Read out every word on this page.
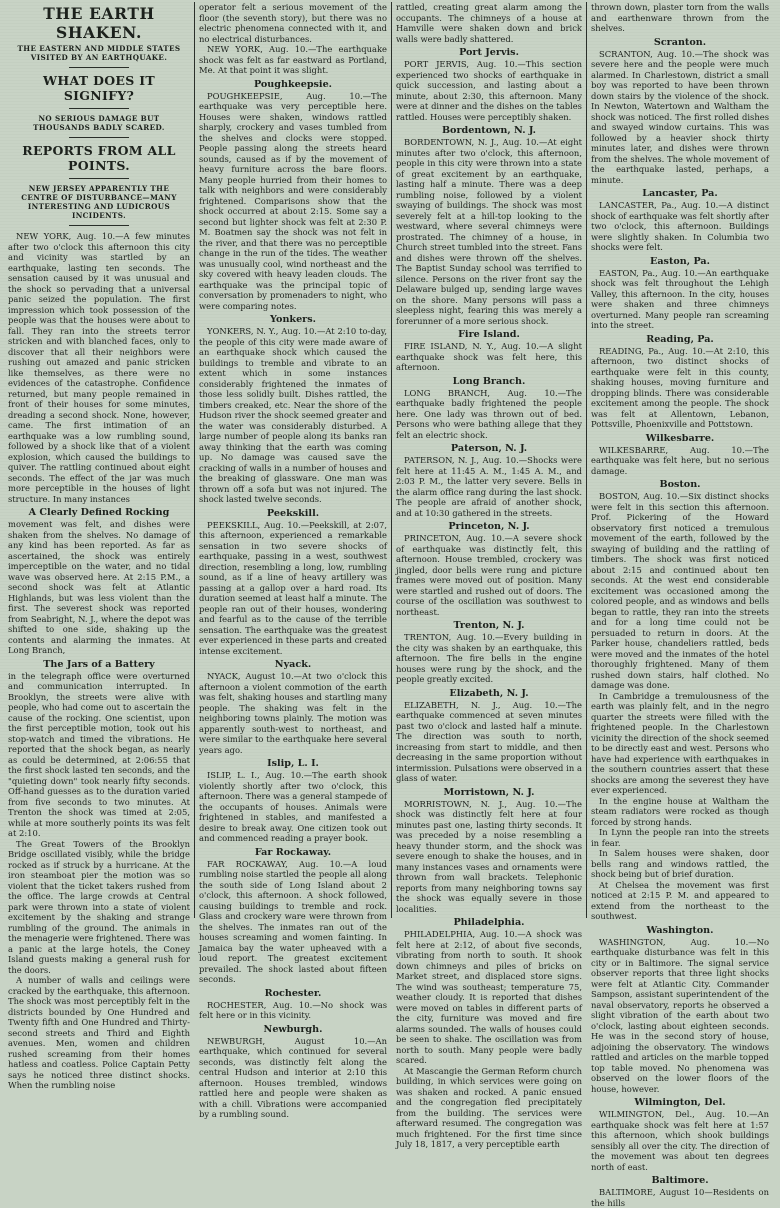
THE EARTH SHAKEN.
THE EASTERN AND MIDDLE STATES VISITED BY AN EARTHQUAKE.
WHAT DOES IT SIGNIFY?
NO SERIOUS DAMAGE BUT THOUSANDS BADLY SCARED.
REPORTS FROM ALL POINTS.
NEW JERSEY APPARENTLY THE CENTRE OF DISTURBANCE—MANY INTERESTING AND LUDICROUS INCIDENTS.

NEW YORK, Aug. 10.—A few minutes after two o'clock this afternoon this city and vicinity was startled by an earthquake, lasting ten seconds. The sensation caused by it was unusual and the shock so pervading that a universal panic seized the population. The first impression which took possession of the people was that the houses were about to fall. They ran into the streets terror stricken and with blanched faces, only to discover that all their neighbors were rushing out amazed and panic stricken like themselves, as there were no evidences of the catastrophe. Confidence returned, but many people remained in front of their houses for some minutes, dreading a second shock. None, however, came. The first intimation of an earthquake was a low rumbling sound, followed by a shock like that of a violent explosion, which caused the buildings to quiver. The rattling continued about eight seconds. The effect of the jar was much more perceptible in the houses of light structure. In many instances

A Clearly Defined Rocking

movement was felt, and dishes were shaken from the shelves. No damage of any kind has been reported. As far as ascertained, the shock was entirely imperceptible on the water, and no tidal wave was observed here. At 2:15 P.M., a second shock was felt at Atlantic Highlands, but was less violent than the first. The severest shock was reported from Seabright, N. J., where the depot was shifted to one side, shaking up the contents and alarming the inmates. At Long Branch,

The Jars of a Battery

in the telegraph office were overturned and communication interrupted. In Brooklyn, the streets were alive with people, who had come out to ascertain the cause of the rocking. One scientist, upon the first perceptible motion, took out his stop-watch and timed the vibrations. He reported that the shock began, as nearly as could be determined, at 2:06:55 that the first shock lasted ten seconds, and the "quieting down" took nearly fifty seconds. Off-hand guesses as to the duration varied from five seconds to two minutes. At Trenton the shock was timed at 2:05, while at more southerly points its was felt at 2:10.

The Great Towers of the Brooklyn Bridge oscillated visibly, while the bridge rocked as if struck by a hurricane. At the iron steamboat pier the motion was so violent that the ticket takers rushed from the office. The large crowds at Central park were thrown into a state of violent excitement by the shaking and strange rumbling of the ground. The animals in the menagerie were frightened. There was a panic at the large hotels, the Coney Island guests making a general rush for the doors.

A number of walls and ceilings were cracked by the earthquake, this afternoon. The shock was most perceptibly felt in the districts bounded by One Hundred and Twenty fifth and One Hundred and Thirty-second streets and Third and Eighth avenues. Men, women and children rushed screaming from their homes hatless and coatless. Police Captain Petty says he noticed three distinct shocks. When the rumbling noise

operator felt a serious movement of the floor (the seventh story), but there was no electric phenomena connected with it, and no electrical disturbances.

NEW YORK, Aug. 10.—The earthquake shock was felt as far eastward as Portland, Me. At that point it was slight.

Poughkeepsie.

POUGHKEEPSIE, Aug. 10.—The earthquake was very perceptible here. Houses were shaken, windows rattled sharply, crockery and vases tumbled from the shelves and clocks were stopped. People passing along the streets heard sounds, caused as if by the movement of heavy furniture across the bare floors. Many people hurried from their homes to talk with neighbors and were considerably frightened. Comparisons show that the shock occurred at about 2:15. Some say a second but lighter shock was felt at 2:30 P. M. Boatmen say the shock was not felt in the river, and that there was no perceptible change in the run of the tides. The weather was unusually cool, wind northeast and the sky covered with heavy leaden clouds. The earthquake was the principal topic of conversation by promenaders to night, who were comparing notes.

Yonkers.

YONKERS, N. Y., Aug. 10.—At 2:10 to-day, the people of this city were made aware of an earthquake shock which caused the buildings to tremble and vibrate to an extent which in some instances considerably frightened the inmates of those less solidly built. Dishes rattled, the timbers creaked, etc. Near the shore of the Hudson river the shock seemed greater and the water was considerably disturbed. A large number of people along its banks ran away thinking that the earth was coming up. No damage was caused save the cracking of walls in a number of houses and the breaking of glassware. One man was thrown off a sofa but was not injured. The shock lasted twelve seconds.

Peekskill.

PEEKSKILL, Aug. 10.—Peekskill, at 2:07, this afternoon, experienced a remarkable sensation in two severe shocks of earthquake, passing in a west, southwest direction, resembling a long, low, rumbling sound, as if a line of heavy artillery was passing at a gallop over a hard road. Its duration seemed at least half a minute. The people ran out of their houses, wondering and fearful as to the cause of the terrible sensation. The earthquake was the greatest ever experienced in these parts and created intense excitement.

Nyack.

NYACK, August 10.—At two o'clock this afternoon a violent commotion of the earth was felt, shaking houses and startling many people. The shaking was felt in the neighboring towns plainly. The motion was apparently south-west to northeast, and were similar to the earthquake here several years ago.

Islip, L. I.

ISLIP, L. I., Aug. 10.—The earth shook violently shortly after two o'clock, this afternoon. There was a general stampede of the occupants of houses. Animals were frightened in stables, and manifested a desire to break away. One citizen took out and commenced reading a prayer book.

Far Rockaway.

FAR ROCKAWAY, Aug. 10.—A loud rumbling noise startled the people all along the south side of Long Island about 2 o'clock, this afternoon. A shock followed, causing buildings to tremble and rock. Glass and crockery ware were thrown from the shelves. The inmates ran out of the houses screaming and women fainting. In Jamaica bay the water upheaved with a loud report. The greatest excitement prevailed. The shock lasted about fifteen seconds.

Rochester.

ROCHESTER, Aug. 10.—No shock was felt here or in this vicinity.

Newburgh.

NEWBURGH, August 10.—An earthquake, which continued for several seconds, was distinctly felt along the central Hudson and interior at 2:10 this afternoon. Houses trembled, windows rattled here and people were shaken as with a chill. Vibrations were accompanied by a rumbling sound.

rattled, creating great alarm among the occupants. The chimneys of a house at Hamville were shaken down and brick walls were badly shattered.

Port Jervis.

PORT JERVIS, Aug. 10.—This section experienced two shocks of earthquake in quick succession, and lasting about a minute, about 2:30, this afternoon. Many were at dinner and the dishes on the tables rattled. Houses were perceptibly shaken.

Bordentown, N. J.

BORDENTOWN, N. J., Aug. 10.—At eight minutes after two o'clock, this afternoon, people in this city were thrown into a state of great excitement by an earthquake, lasting half a minute. There was a deep rumbling noise, followed by a violent swaying of buildings. The shock was most severely felt at a hill-top looking to the westward, where several chimneys were prostrated. The chimney of a house, in Church street tumbled into the street. Fans and dishes were thrown off the shelves. The Baptist Sunday school was terrified to silence. Persons on the river front say the Delaware bulged up, sending large waves on the shore. Many persons will pass a sleepless night, fearing this was merely a forerunner of a more serious shock.

Fire Island.

FIRE ISLAND, N. Y., Aug. 10.—A slight earthquake shock was felt here, this afternoon.

Long Branch.

LONG BRANCH, Aug. 10.—The earthquake badly frightened the people here. One lady was thrown out of bed. Persons who were bathing allege that they felt an electric shock.

Paterson, N. J.

PATERSON, N. J., Aug. 10.—Shocks were felt here at 11:45 A. M., 1:45 A. M., and 2:03 P. M., the latter very severe. Bells in the alarm office rang during the last shock. The people are afraid of another shock, and at 10:30 gathered in the streets.

Princeton, N. J.

PRINCETON, Aug. 10.—A severe shock of earthquake was distinctly felt, this afternoon. House trembled, crockery was jingled, door bells were rung and picture frames were moved out of position. Many were startled and rushed out of doors. The course of the oscillation was southwest to northeast.

Trenton, N. J.

TRENTON, Aug. 10.—Every building in the city was shaken by an earthquake, this afternoon. The fire bells in the engine houses were rung by the shock, and the people greatly excited.

Elizabeth, N. J.

ELIZABETH, N. J., Aug. 10.—The earthquake commenced at seven minutes past two o'clock and lasted half a minute. The direction was south to north, increasing from start to middle, and then decreasing in the same proportion without intermission. Pulsations were observed in a glass of water.

Morristown, N. J.

MORRISTOWN, N. J., Aug. 10.—The shock was distinctly felt here at four minutes past one, lasting thirty seconds. It was preceded by a noise resembling a heavy thunder storm, and the shock was severe enough to shake the houses, and in many instances vases and ornaments were thrown from wall brackets. Telephonic reports from many neighboring towns say the shock was equally severe in those localities.

Philadelphia.

PHILADELPHIA, Aug. 10.—A shock was felt here at 2:12, of about five seconds, vibrating from north to south. It shook down chimneys and piles of bricks on Market street, and displaced store signs. The wind was southeast; temperature 75, weather cloudy. It is reported that dishes were moved on tables in different parts of the city, furniture was moved and fire alarms sounded. The walls of houses could be seen to shake. The oscillation was from north to south. Many people were badly scared.

At Mascangie the German Reform church building, in which services were going on was shaken and rocked. A panic ensued and the congregation fled precipitately from the building. The services were afterward resumed. The congregation was much frightened. For the first time since July 18, 1817, a very perceptible earth

thrown down, plaster torn from the walls and earthenware thrown from the shelves.

Scranton.

SCRANTON, Aug. 10.—The shock was severe here and the people were much alarmed. In Charlestown, district a small boy was reported to have been thrown down stairs by the violence of the shock. In Newton, Watertown and Waltham the shock was noticed. The first rolled dishes and swayed window curtains. This was followed by a heavier shock thirty minutes later, and dishes were thrown from the shelves. The whole movement of the earthquake lasted, perhaps, a minute.

Lancaster, Pa.

LANCASTER, Pa., Aug. 10.—A distinct shock of earthquake was felt shortly after two o'clock, this afternoon. Buildings were slightly shaken. In Columbia two shocks were felt.

Easton, Pa.

EASTON, Pa., Aug. 10.—An earthquake shock was felt throughout the Lehigh Valley, this afternoon. In the city, houses were shaken and three chimneys overturned. Many people ran screaming into the street.

Reading, Pa.

READING, Pa., Aug. 10.—At 2:10, this afternoon, two distinct shocks of earthquake were felt in this county, shaking houses, moving furniture and dropping blinds. There was considerable excitement among the people. The shock was felt at Allentown, Lebanon, Pottsville, Phoenixville and Pottstown.

Wilkesbarre.

WILKESBARRE, Aug. 10.—The earthquake was felt here, but no serious damage.

Boston.

BOSTON, Aug. 10.—Six distinct shocks were felt in this section this afternoon. Prof. Pickering of the Howard observatory first noticed a tremulous movement of the earth, followed by the swaying of building and the rattling of timbers. The shock was first noticed about 2:15 and continued about ten seconds. At the west end considerable excitement was occasioned among the colored people, and as windows and bells began to rattle, they ran into the streets and for a long time could not be persuaded to return in doors. At the Parker house, chandeliers rattled, beds were moved and the inmates of the hotel thoroughly frightened. Many of them rushed down stairs, half clothed. No damage was done.

In Cambridge a tremulousness of the earth was plainly felt, and in the negro quarter the streets were filled with the frightened people. In the Charlestown vicinity the direction of the shock seemed to be directly east and west. Persons who have had experience with earthquakes in the southern countries assert that these shocks are among the severest they have ever experienced.

In the engine house at Waltham the steam radiators were rocked as though forced by strong hands.

In Lynn the people ran into the streets in fear.

In Salem houses were shaken, door bells rang and windows rattled, the shock being but of brief duration.

At Chelsea the movement was first noticed at 2:15 P. M. and appeared to extend from the northeast to the southwest.

Washington.

WASHINGTON, Aug. 10.—No earthquake disturbance was felt in this city or in Baltimore. The signal service observer reports that three light shocks were felt at Atlantic City. Commander Sampson, assistant superintendent of the naval observatory, reports he observed a slight vibration of the earth about two o'clock, lasting about eighteen seconds. He was in the second story of house, adjoining the observatory. The windows rattled and articles on the marble topped top table moved. No phenomena was observed on the lower floors of the house, however.

Wilmington, Del.

WILMINGTON, Del., Aug. 10.—An earthquake shock was felt here at 1:57 this afternoon, which shook buildings sensibly all over the city. The direction of the movement was about ten degrees north of east.

Baltimore.

BALTIMORE, August 10—Residents on the hills
